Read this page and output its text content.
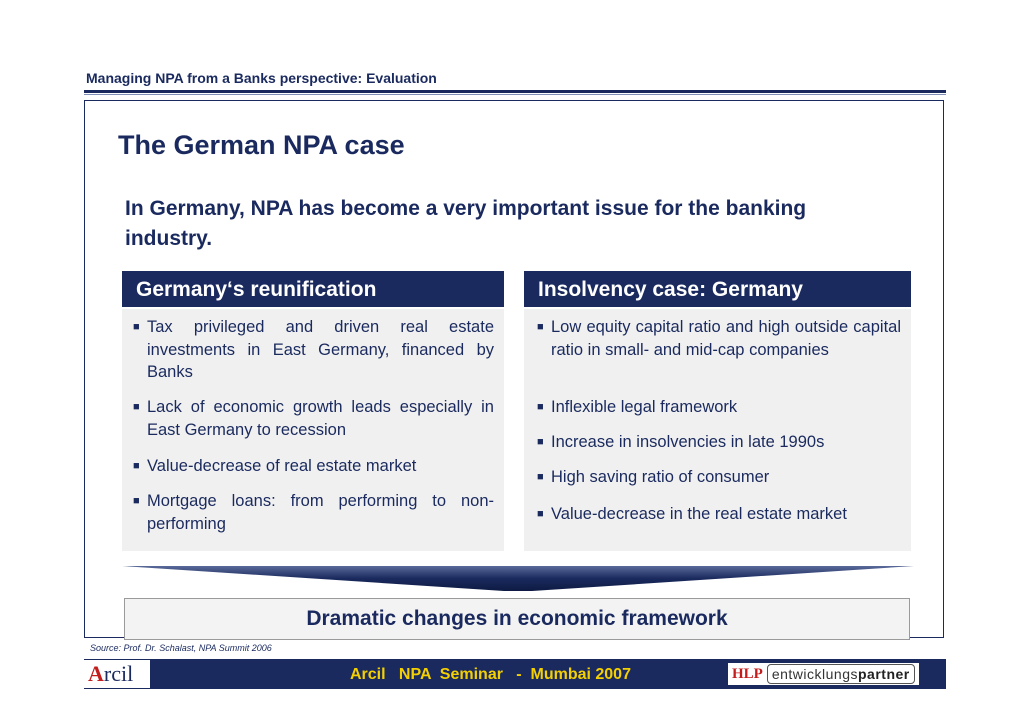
Managing NPA from a Banks perspective: Evaluation
The German NPA case
In Germany, NPA has become a very important issue for the banking industry.
Germany‘s reunification
■ Tax privileged and driven real estate investments in East Germany, financed by Banks
■ Lack of economic growth leads especially in East Germany to recession
■ Value-decrease of real estate market
■ Mortgage loans: from performing to non-performing
Insolvency case: Germany
■ Low equity capital ratio and high outside capital ratio in small- and mid-cap companies
■ Inflexible legal framework
■ Increase in insolvencies in late 1990s
■ High saving ratio of consumer
■ Value-decrease in the real estate market
Dramatic changes in economic framework
Source: Prof. Dr. Schalast, NPA Summit 2006
Arcil	Arcil   NPA  Seminar   -  Mumbai 2007	HLP entwicklungspartner
